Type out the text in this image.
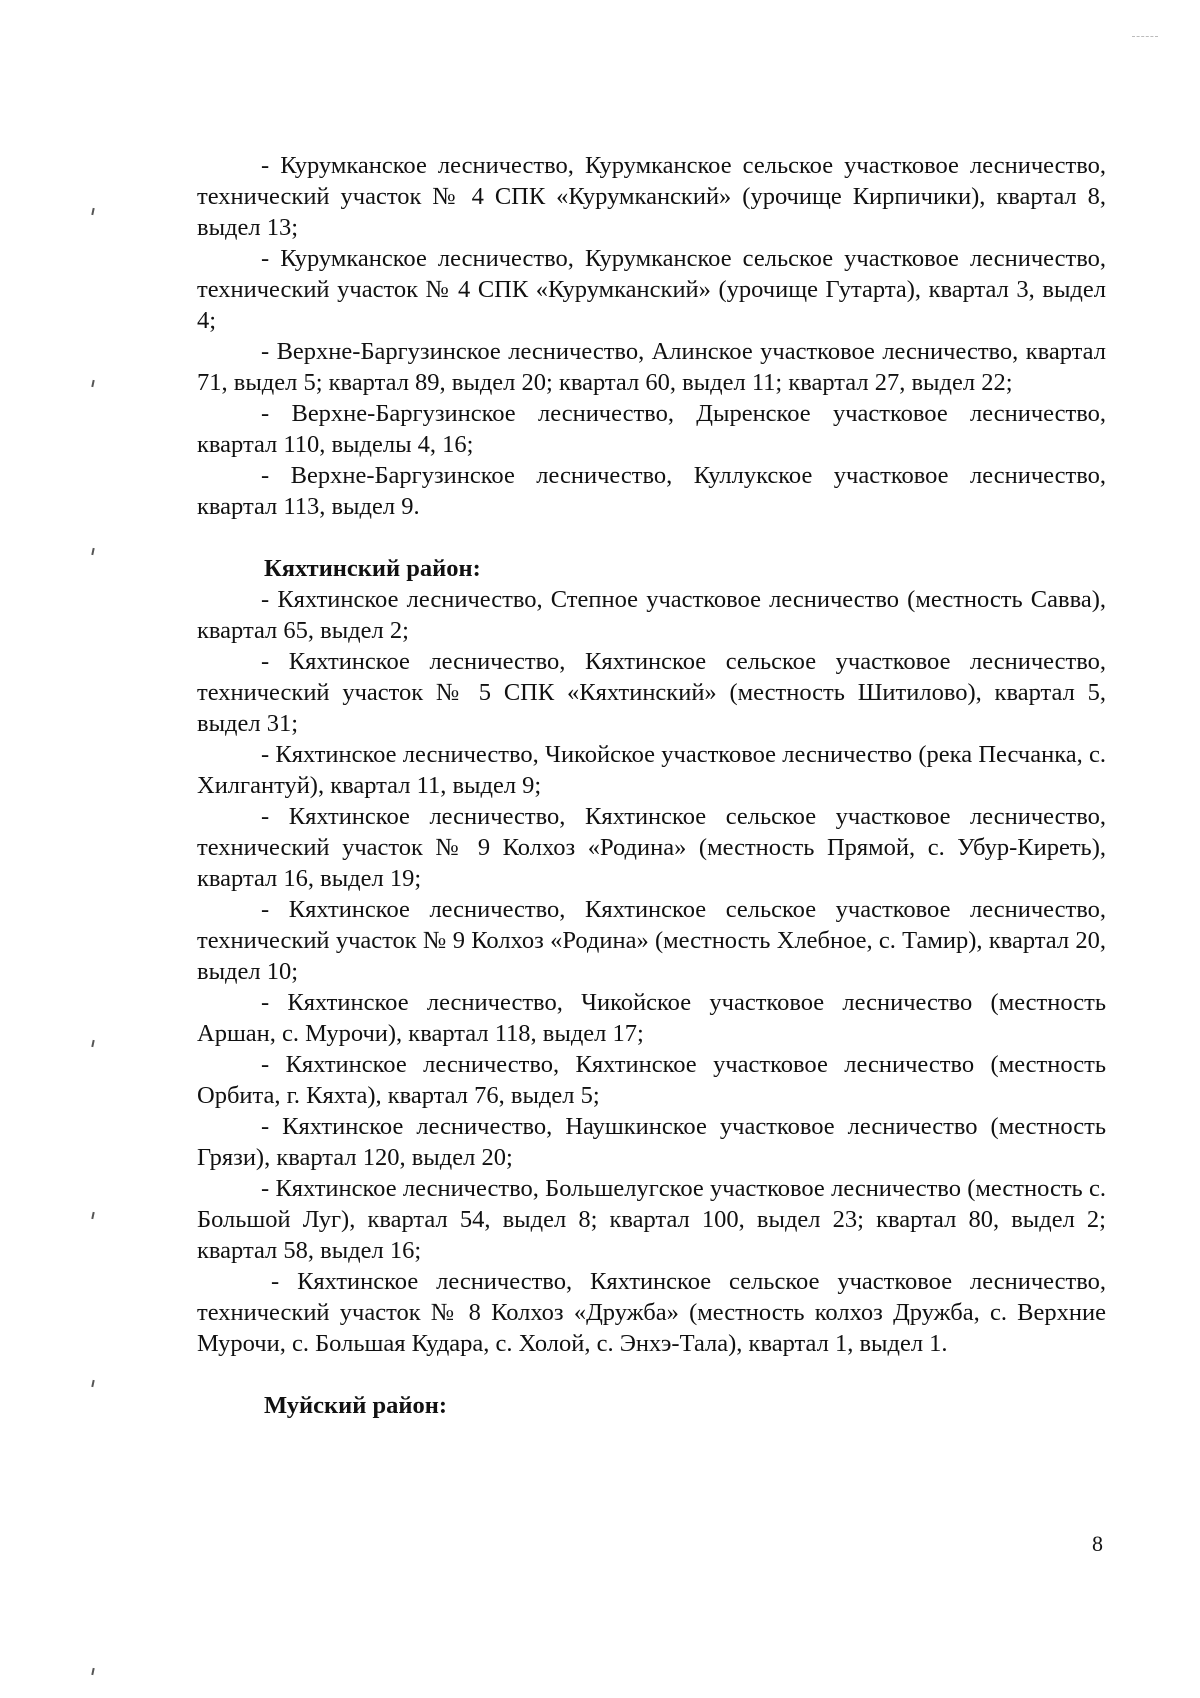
- Курумканское лесничество, Курумканское сельское участковое лесничество, технический участок № 4 СПК «Курумканский» (урочище Кирпичики), квартал 8, выдел 13;

- Курумканское лесничество, Курумканское сельское участковое лесничество, технический участок № 4 СПК «Курумканский» (урочище Гутарта), квартал 3, выдел 4;

- Верхне-Баргузинское лесничество, Алинское участковое лесничество, квартал 71, выдел 5; квартал 89, выдел 20; квартал 60, выдел 11; квартал 27, выдел 22;

- Верхне-Баргузинское лесничество, Дыренское участковое лесничество, квартал 110, выделы 4, 16;

- Верхне-Баргузинское лесничество, Куллукское участковое лесничество, квартал 113, выдел 9.

Кяхтинский район:

- Кяхтинское лесничество, Степное участковое лесничество (местность Савва), квартал 65, выдел 2;

- Кяхтинское лесничество, Кяхтинское сельское участковое лесничество, технический участок № 5 СПК «Кяхтинский» (местность Шитилово), квартал 5, выдел 31;

- Кяхтинское лесничество, Чикойское участковое лесничество (река Песчанка, с. Хилгантуй), квартал 11, выдел 9;

- Кяхтинское лесничество, Кяхтинское сельское участковое лесничество, технический участок № 9 Колхоз «Родина» (местность Прямой, с. Убур-Киреть), квартал 16, выдел 19;

- Кяхтинское лесничество, Кяхтинское сельское участковое лесничество, технический участок № 9 Колхоз «Родина» (местность Хлебное, с. Тамир), квартал 20, выдел 10;

- Кяхтинское лесничество, Чикойское участковое лесничество (местность Аршан, с. Мурочи), квартал 118, выдел 17;

- Кяхтинское лесничество, Кяхтинское участковое лесничество (местность Орбита, г. Кяхта), квартал 76, выдел 5;

- Кяхтинское лесничество, Наушкинское участковое лесничество (местность Грязи), квартал 120, выдел 20;

- Кяхтинское лесничество, Большелугское участковое лесничество (местность с. Большой Луг), квартал 54, выдел 8; квартал 100, выдел 23; квартал 80, выдел 2; квартал 58, выдел 16;

- Кяхтинское лесничество, Кяхтинское сельское участковое лесничество, технический участок № 8 Колхоз «Дружба» (местность колхоз Дружба, с. Верхние Мурочи, с. Большая Кудара, с. Холой, с. Энхэ-Тала), квартал 1, выдел 1.

Муйский район:

8
